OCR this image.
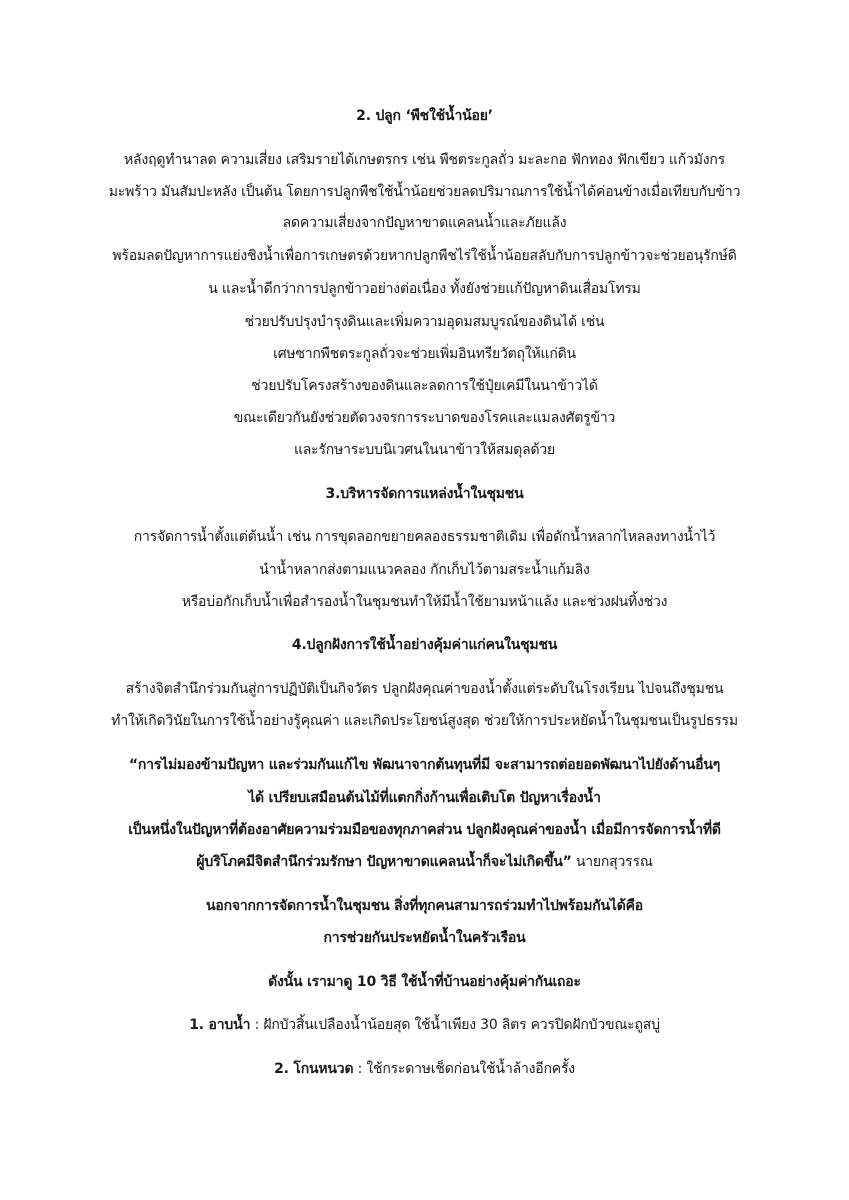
2. ปลูก ‘พืชใช้น้ำน้อย’
หลังฤดูทำนาลด ความเสี่ยง เสริมรายได้เกษตรกร เช่น พืชตระกูลถั่ว มะละกอ ฟักทอง ฟักเขียว แก้วมังกร
มะพร้าว มันสัมปะหลัง เป็นต้น โดยการปลูกพืชใช้น้ำน้อยช่วยลดปริมาณการใช้น้ำได้ค่อนข้างเมื่อเทียบกับข้าว
ลดความเสี่ยงจากปัญหาขาดแคลนน้ำและภัยแล้ง
พร้อมลดปัญหาการแย่งชิงน้ำเพื่อการเกษตรด้วยหากปลูกพืชไร่ใช้น้ำน้อยสลับกับการปลูกข้าวจะช่วยอนุรักษ์ดิ
น และน้ำดีกว่าการปลูกข้าวอย่างต่อเนื่อง ทั้งยังช่วยแก้ปัญหาดินเสื่อมโทรม
ช่วยปรับปรุงบำรุงดินและเพิ่มความอุดมสมบูรณ์ของดินได้ เช่น
เศษซากพืชตระกูลถั่วจะช่วยเพิ่มอินทรียวัตถุให้แก่ดิน
ช่วยปรับโครงสร้างของดินและลดการใช้ปุ๋ยเคมีในนาข้าวได้
ขณะเดียวกันยังช่วยตัดวงจรการระบาดของโรคและแมลงศัตรูข้าว
และรักษาระบบนิเวศนในนาข้าวให้สมดุลด้วย
3.บริหารจัดการแหล่งน้ำในชุมชน
การจัดการน้ำตั้งแต่ต้นน้ำ เช่น การขุดลอกขยายคลองธรรมชาติเดิม เพื่อดักน้ำหลากไหลลงทางน้ำไว้
นำน้ำหลากส่งตามแนวคลอง กักเก็บไว้ตามสระน้ำแก้มลิง
หรือบ่อกักเก็บน้ำเพื่อสำรองน้ำในชุมชนทำให้มีน้ำใช้ยามหน้าแล้ง และช่วงฝนทิ้งช่วง
4.ปลูกฝังการใช้น้ำอย่างคุ้มค่าแก่คนในชุมชน
สร้างจิตสำนึกร่วมกันสู่การปฏิบัติเป็นกิจวัตร ปลูกฝังคุณค่าของน้ำตั้งแต่ระดับในโรงเรียน ไปจนถึงชุมชน
ทำให้เกิดวินัยในการใช้น้ำอย่างรู้คุณค่า และเกิดประโยชน์สูงสุด ช่วยให้การประหยัดน้ำในชุมชนเป็นรูปธรรม
“การไม่มองข้ามปัญหา และร่วมกันแก้ไข พัฒนาจากต้นทุนที่มี จะสามารถต่อยอดพัฒนาไปยังด้านอื่นๆ
ได้ เปรียบเสมือนต้นไม้ที่แตกกิ่งก้านเพื่อเติบโต ปัญหาเรื่องน้ำ
เป็นหนึ่งในปัญหาที่ต้องอาศัยความร่วมมือของทุกภาคส่วน ปลูกฝังคุณค่าของน้ำ เมื่อมีการจัดการน้ำที่ดี
ผู้บริโภคมีจิตสำนึกร่วมรักษา ปัญหาขาดแคลนน้ำก็จะไม่เกิดขึ้น” นายกสุวรรณ
นอกจากการจัดการน้ำในชุมชน สิ่งที่ทุกคนสามารถร่วมทำไปพร้อมกันได้คือ
การช่วยกันประหยัดน้ำในครัวเรือน
ดังนั้น เรามาดู 10 วิธี ใช้น้ำที่บ้านอย่างคุ้มค่ากันเถอะ
1. อาบน้ำ : ฝักบัวสิ้นเปลืองน้ำน้อยสุด ใช้น้ำเพียง 30 ลิตร ควรปิดฝักบัวขณะถูสบู่
2. โกนหนวด : ใช้กระดาษเช็ดก่อนใช้น้ำล้างอีกครั้ง
